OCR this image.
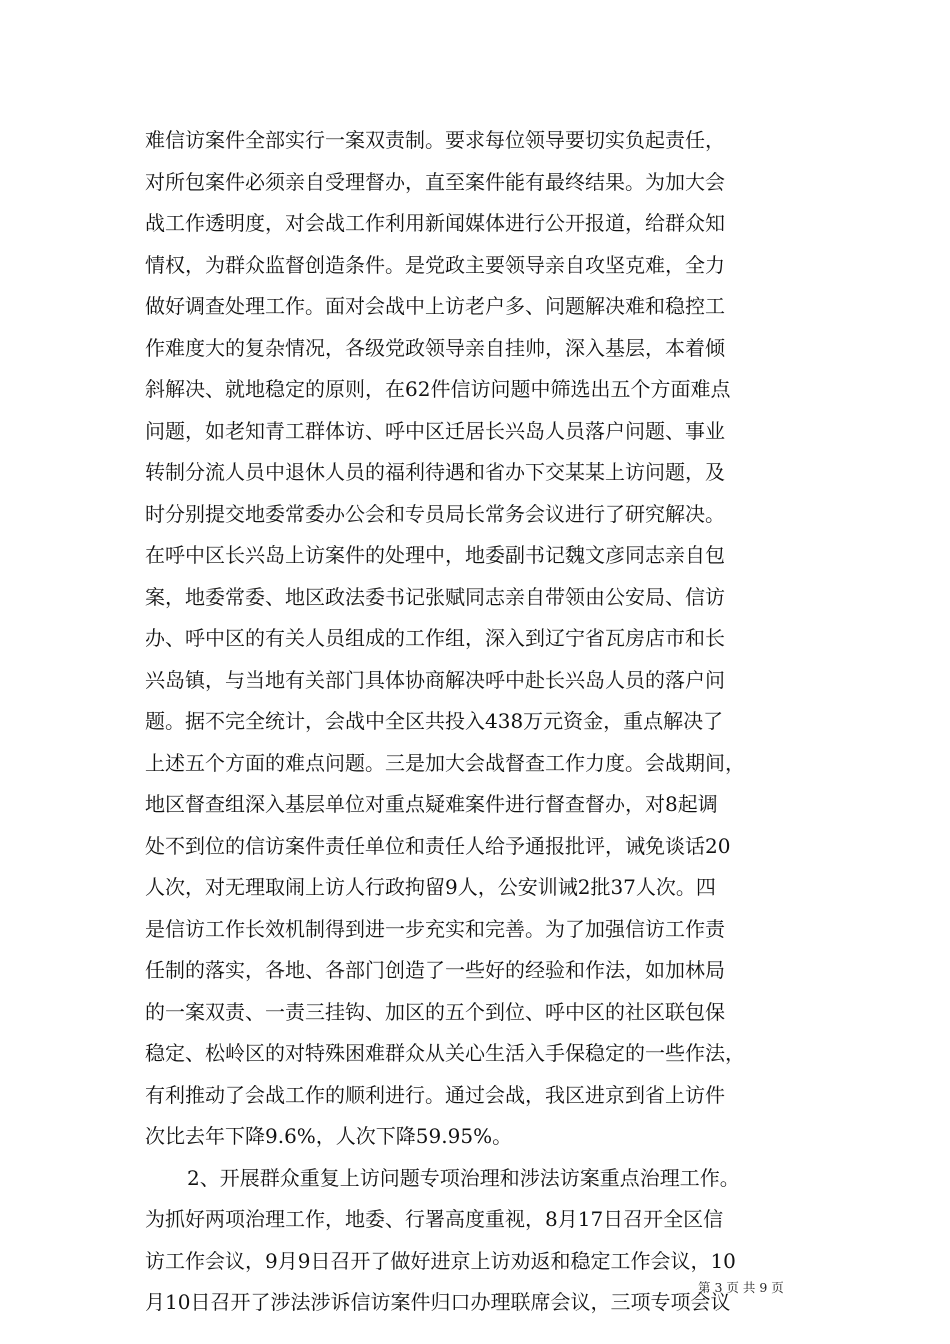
难信访案件全部实行一案双责制。要求每位领导要切实负起责任，
对所包案件必须亲自受理督办，直至案件能有最终结果。为加大会
战工作透明度，对会战工作利用新闻媒体进行公开报道，给群众知
情权，为群众监督创造条件。是党政主要领导亲自攻坚克难，全力
做好调查处理工作。面对会战中上访老户多、问题解决难和稳控工
作难度大的复杂情况，各级党政领导亲自挂帅，深入基层，本着倾
斜解决、就地稳定的原则，在62件信访问题中筛选出五个方面难点
问题，如老知青工群体访、呼中区迁居长兴岛人员落户问题、事业
转制分流人员中退休人员的福利待遇和省办下交某某上访问题，及
时分别提交地委常委办公会和专员局长常务会议进行了研究解决。
在呼中区长兴岛上访案件的处理中，地委副书记魏文彦同志亲自包
案，地委常委、地区政法委书记张赋同志亲自带领由公安局、信访
办、呼中区的有关人员组成的工作组，深入到辽宁省瓦房店市和长
兴岛镇，与当地有关部门具体协商解决呼中赴长兴岛人员的落户问
题。据不完全统计，会战中全区共投入438万元资金，重点解决了
上述五个方面的难点问题。三是加大会战督查工作力度。会战期间，
地区督查组深入基层单位对重点疑难案件进行督查督办，对8起调
处不到位的信访案件责任单位和责任人给予通报批评，诫免谈话20
人次，对无理取闹上访人行政拘留9人，公安训诫2批37人次。四
是信访工作长效机制得到进一步充实和完善。为了加强信访工作责
任制的落实，各地、各部门创造了一些好的经验和作法，如加林局
的一案双责、一责三挂钩、加区的五个到位、呼中区的社区联包保
稳定、松岭区的对特殊困难群众从关心生活入手保稳定的一些作法，
有利推动了会战工作的顺利进行。通过会战，我区进京到省上访件
次比去年下降9.6%，人次下降59.95%。
2、开展群众重复上访问题专项治理和涉法访案重点治理工作。
为抓好两项治理工作，地委、行署高度重视，8月17日召开全区信
访工作会议，9月9日召开了做好进京上访劝返和稳定工作会议，10
月10日召开了涉法涉诉信访案件归口办理联席会议，三项专项会议
第 3 页 共 9 页
